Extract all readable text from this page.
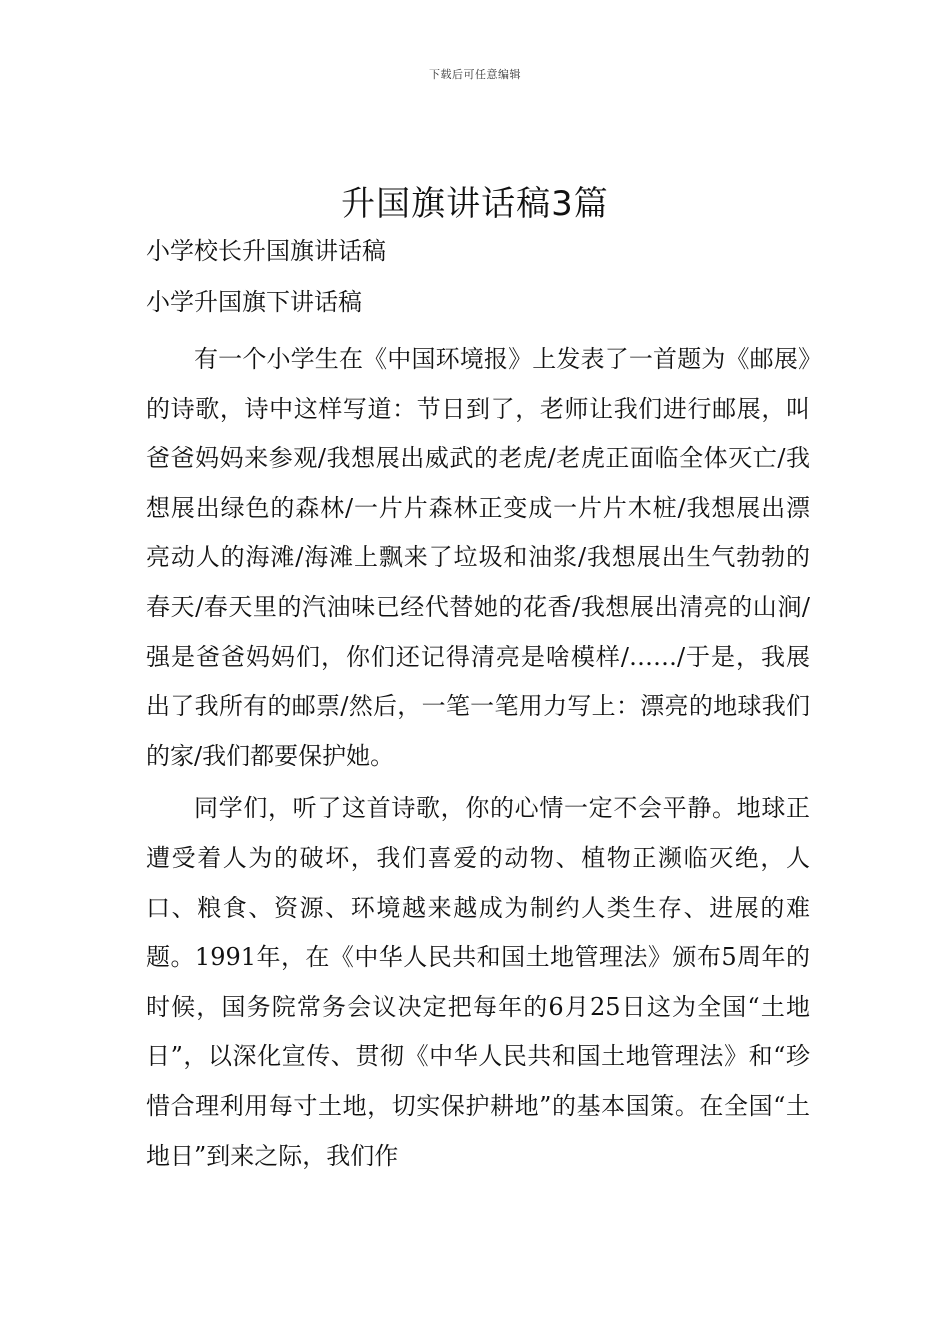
下载后可任意编辑
升国旗讲话稿3篇

小学校长升国旗讲话稿

小学升国旗下讲话稿

有一个小学生在《中国环境报》上发表了一首题为《邮展》的诗歌，诗中这样写道：节日到了，老师让我们进行邮展，叫爸爸妈妈来参观/我想展出威武的老虎/老虎正面临全体灭亡/我想展出绿色的森林/一片片森林正变成一片片木桩/我想展出漂亮动人的海滩/海滩上飘来了垃圾和油浆/我想展出生气勃勃的春天/春天里的汽油味已经代替她的花香/我想展出清亮的山涧/强是爸爸妈妈们，你们还记得清亮是啥模样/……/于是，我展出了我所有的邮票/然后，一笔一笔用力写上：漂亮的地球我们的家/我们都要保护她。

同学们，听了这首诗歌，你的心情一定不会平静。地球正遭受着人为的破坏，我们喜爱的动物、植物正濒临灭绝，人口、粮食、资源、环境越来越成为制约人类生存、进展的难题。1991年，在《中华人民共和国土地管理法》颁布5周年的时候，国务院常务会议决定把每年的6月25日这为全国“土地日”，以深化宣传、贯彻《中华人民共和国土地管理法》和“珍惜合理利用每寸土地，切实保护耕地”的基本国策。在全国“土地日”到来之际，我们作
